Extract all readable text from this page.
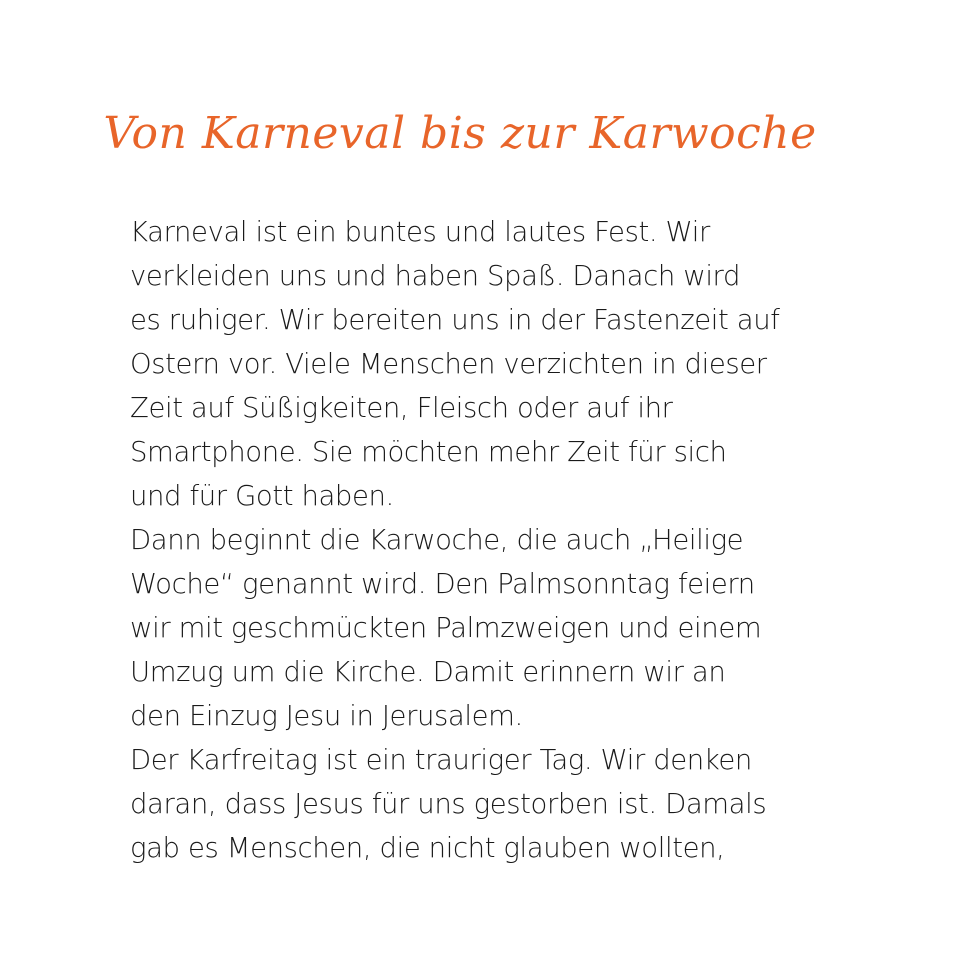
Von Karneval bis zur Karwoche
Karneval ist ein buntes und lautes Fest. Wir
verkleiden uns und haben Spaß. Danach wird
es ruhiger. Wir bereiten uns in der Fastenzeit auf
Ostern vor. Viele Menschen verzichten in dieser
Zeit auf Süßigkeiten, Fleisch oder auf ihr
Smartphone. Sie möchten mehr Zeit für sich
und für Gott haben.
Dann beginnt die Karwoche, die auch „Heilige
Woche“ genannt wird. Den Palmsonntag feiern
wir mit geschmückten Palmzweigen und einem
Umzug um die Kirche. Damit erinnern wir an
den Einzug Jesu in Jerusalem.
Der Karfreitag ist ein trauriger Tag. Wir denken
daran, dass Jesus für uns gestorben ist. Damals
gab es Menschen, die nicht glauben wollten,
